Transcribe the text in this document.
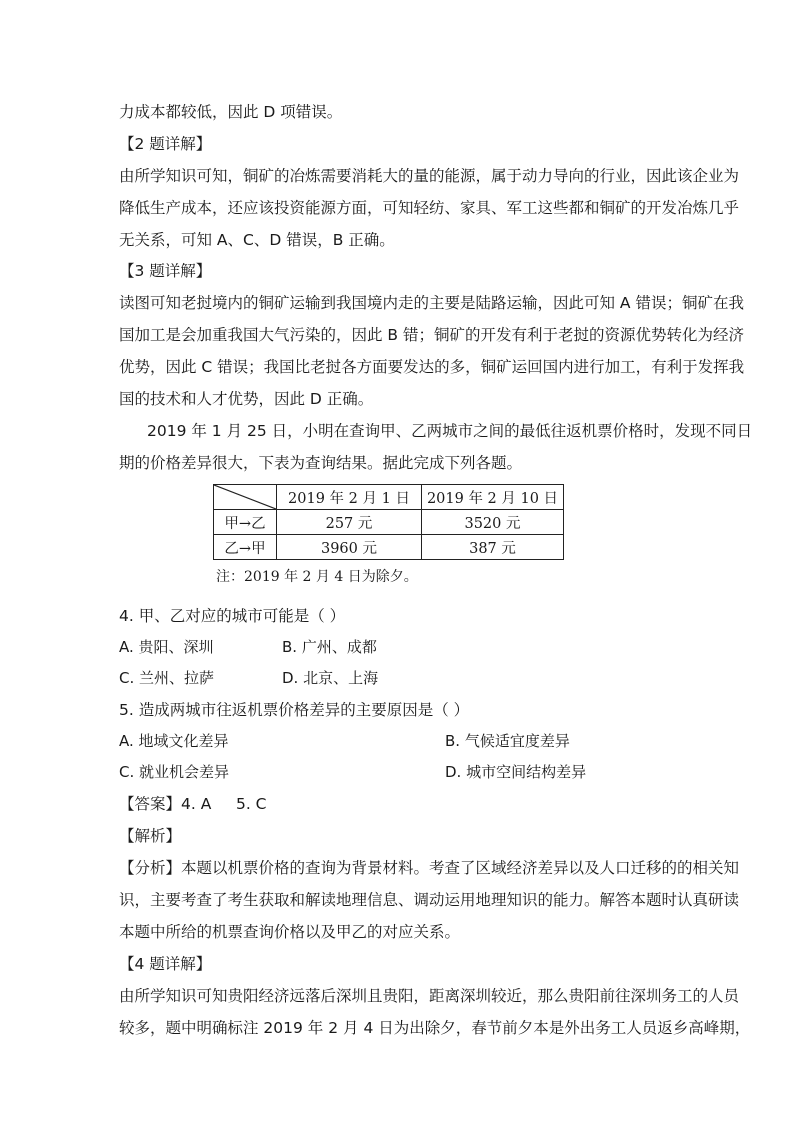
力成本都较低，因此 D 项错误。
【2 题详解】
由所学知识可知，铜矿的冶炼需要消耗大的量的能源，属于动力导向的行业，因此该企业为
降低生产成本，还应该投资能源方面，可知轻纺、家具、军工这些都和铜矿的开发冶炼几乎
无关系，可知 A、C、D 错误，B 正确。
【3 题详解】
读图可知老挝境内的铜矿运输到我国境内走的主要是陆路运输，因此可知 A 错误；铜矿在我
国加工是会加重我国大气污染的，因此 B 错；铜矿的开发有利于老挝的资源优势转化为经济
优势，因此 C 错误；我国比老挝各方面要发达的多，铜矿运回国内进行加工，有利于发挥我
国的技术和人才优势，因此 D 正确。
2019 年 1 月 25 日，小明在查询甲、乙两城市之间的最低往返机票价格时，发现不同日
期的价格差异很大，下表为查询结果。据此完成下列各题。
	2019 年 2 月 1 日	2019 年 2 月 10 日
甲→乙	257 元	3520 元
乙→甲	3960 元	387 元
注：2019 年 2 月 4 日为除夕。
4. 甲、乙对应的城市可能是（ ）
A. 贵阳、深圳	B. 广州、成都
C. 兰州、拉萨	D. 北京、上海
5. 造成两城市往返机票价格差异的主要原因是（ ）
A. 地域文化差异	B. 气候适宜度差异
C. 就业机会差异	D. 城市空间结构差异
【答案】4. A     5. C
【解析】
【分析】本题以机票价格的查询为背景材料。考查了区域经济差异以及人口迁移的的相关知
识，主要考查了考生获取和解读地理信息、调动运用地理知识的能力。解答本题时认真研读
本题中所给的机票查询价格以及甲乙的对应关系。
【4 题详解】
由所学知识可知贵阳经济远落后深圳且贵阳，距离深圳较近，那么贵阳前往深圳务工的人员
较多，题中明确标注 2019 年 2 月 4 日为出除夕，春节前夕本是外出务工人员返乡高峰期，
